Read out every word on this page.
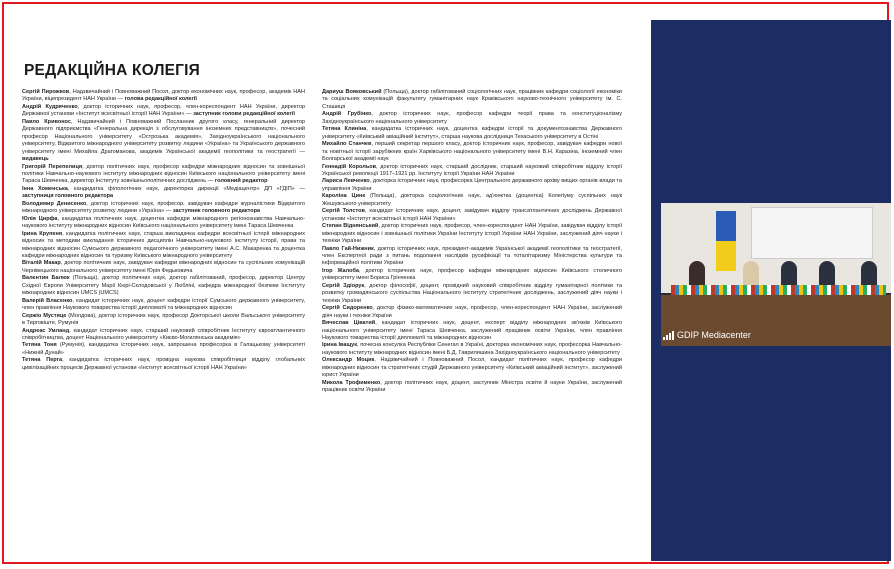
РЕДАКЦІЙНА КОЛЕГІЯ

Сергій Пирожков, Надзвичайний і Повноважний Посол, доктор економічних наук, професор, академік НАН України, віцепрезидент НАН України — голова редакційної колегії

Андрій Кудряченко, доктор історичних наук, професор, член-кореспондент НАН України, директор Державної установи «Інститут всесвітньої історії НАН України» — заступник голови редакційної колегії

Павло Кривонос, Надзвичайний і Повноважний Посланник другого класу, генеральний директор Державного підприємства «Генеральна дирекція з обслуговування іноземних представництв», почесний професор Національного університету «Острозька академія», Західноукраїнського національного університету, Відкритого міжнародного університету розвитку людини «Україна» та Українського державного університету імені Михайла Драгоманова, академік Української академії геополітики та геостратегії — видавець

Григорій Перепелиця, доктор політичних наук, професор кафедри міжнародних відносин та зовнішньої політики Навчально-наукового інституту міжнародних відносин Київського національного університету імені Тараса Шевченка, директор Інституту зовнішньополітичних досліджень — головний редактор

Інна Хоменська, кандидатка філологічних наук, директорка дирекції «Медіацентр» ДП «ГДІП» — заступниця головного редактора

Володимир Денисенко, доктор історичних наук, професор, завідувач кафедри журналістики Відкритого міжнародного університету розвитку людини «Україна» — заступник головного редактора

Юлія Цирфа, кандидатка політичних наук, доцентка кафедри міжнародного регіонознавства Навчально-наукового інституту міжнародних відносин Київського національного університету імені Тараса Шевченка

Ірина Крупеня, кандидатка політичних наук, старша викладачка кафедри всесвітньої історії міжнародних відносин та методики викладання історичних дисциплін Навчально-наукового інституту історії, права та міжнародних відносин Сумського державного педагогічного університету імені А.С. Макаренка та доцентка кафедри міжнародних відносин та туризму Київського міжнародного університету

Віталій Макар, доктор політичних наук, завідувач кафедри міжнародних відносин та суспільних комунікацій Чернівецького національного університету імені Юрія Федьковича

Валентин Балюк (Польща), доктор політичних наук, доктор габілітований, професор, директор Центру Східної Європи Університету Марії Кюрі-Склодовської у Любліні, кафедра міжнародної безпеки Інституту міжнародних відносин UMCS (UMCS)

Валерій Власенко, кандидат історичних наук, доцент кафедри історії Сумського державного університету, член правління Наукового товариства історії дипломатії та міжнародних відносин

Сержіо Мустяце (Молдова), доктор історичних наук, професор Докторської школи Вальського університету в Тирговіште, Румунія

Андреас Умланд, кандидат історичних наук, старший науковий співробітник Інституту євроатлантичного співробітництва, доцент Національного університету «Києво-Могилянська академія»

Тетяна Тоня (Румунія), кандидатка історичних наук, запрошена професорка в Галацькому університеті «Нижній Дунай»

Тетяна Перга, кандидатка історичних наук, провідна наукова співробітниця відділу глобальних цивілізаційних процесів Державної установи «Інститут всесвітньої історії НАН України»

Дариуш Вояковський (Польща), доктор габілітований соціологічних наук, працівник кафедри соціології економіки та соціальних комунікацій факультету гуманітарних наук Краківського науково-технічного університету ім. С. Сташиця

Андрій Грубінко, доктор історичних наук, професор кафедри теорії права та конституціоналізму Західноукраїнського національного університету

Тетяна Клиніна, кандидатка історичних наук, доцентка кафедри історії та документознавства Державного університету «Київський авіаційний інститут», старша наукова дослідниця Техаського університету в Остіні

Михайло Станчев, перший секретар першого класу, доктор історичних наук, професор, завідувач кафедри нової та новітньої історії зарубіжних країн Харківського національного університету імені В.Н. Каразіна, іноземний член Болгарської академії наук

Геннадій Корольов, доктор історичних наук, старший дослідник, старший науковий співробітник відділу історії Української революції 1917–1921 рр. Інституту історії України НАН України

Лариса Левченко, докторка історичних наук, професорка Центрального державного архіву вищих органів влади та управління України

Кароліна Цинк (Польща), докторка соціологічних наук, ад'юнктка (доцентка) Колегіуму суспільних наук Жешувського університету

Сергій Толстов, кандидат історичних наук, доцент, завідувач відділу трансатлантичних досліджень Державної установи «Інститут всесвітньої історії НАН України»

Степан Віднянський, доктор історичних наук, професор, член-кореспондент НАН України, завідувач відділу історії міжнародних відносин і зовнішньої політики України Інституту історії України НАН України, заслужений діяч науки і техніки України

Павло Гай-Нижник, доктор історичних наук, президент-академік Української академії геополітики та геостратегії, член Експертної ради з питань подолання наслідків русифікації та тоталітаризму Міністерства культури та інформаційної політики України

Ігор Жалоба, доктор історичних наук, професор кафедри міжнародних відносин Київського столичного університету імені Бориса Грінченка

Сергій Здіорук, доктор філософії, доцент, провідний науковий співробітник відділу гуманітарної політики та розвитку громадянського суспільства Національного інституту стратегічних досліджень, заслужений діяч науки і техніки України

Сергій Сидоренко, доктор фізико-математичних наук, професор, член-кореспондент НАН України, заслужений діяч науки і техніки України

Вячеслав Ціватий, кандидат історичних наук, доцент, експерт відділу міжнародних зв'язків Київського національного університету імені Тараса Шевченка, заслужений працівник освіти України, член правління Наукового товариства історії дипломатії та міжнародних відносин

Ірина Іващук, почесна консулка Республіки Сенегал в Україні, докторка економічних наук, професорка Навчально-наукового інституту міжнародних відносин імені Б.Д. Гаврилишина Західноукраїнського національного університету

Олександр Моцик, Надзвичайний і Повноважний Посол, кандидат політичних наук, професор кафедри міжнародних відносин та стратегічних студій Державного університету «Київський авіаційний інститут», заслужений юрист України

Микола Трофименко, доктор політичних наук, доцент, заступник Міністра освіти й науки України, заслужений працівник освіти України

GDIP Mediacenter
